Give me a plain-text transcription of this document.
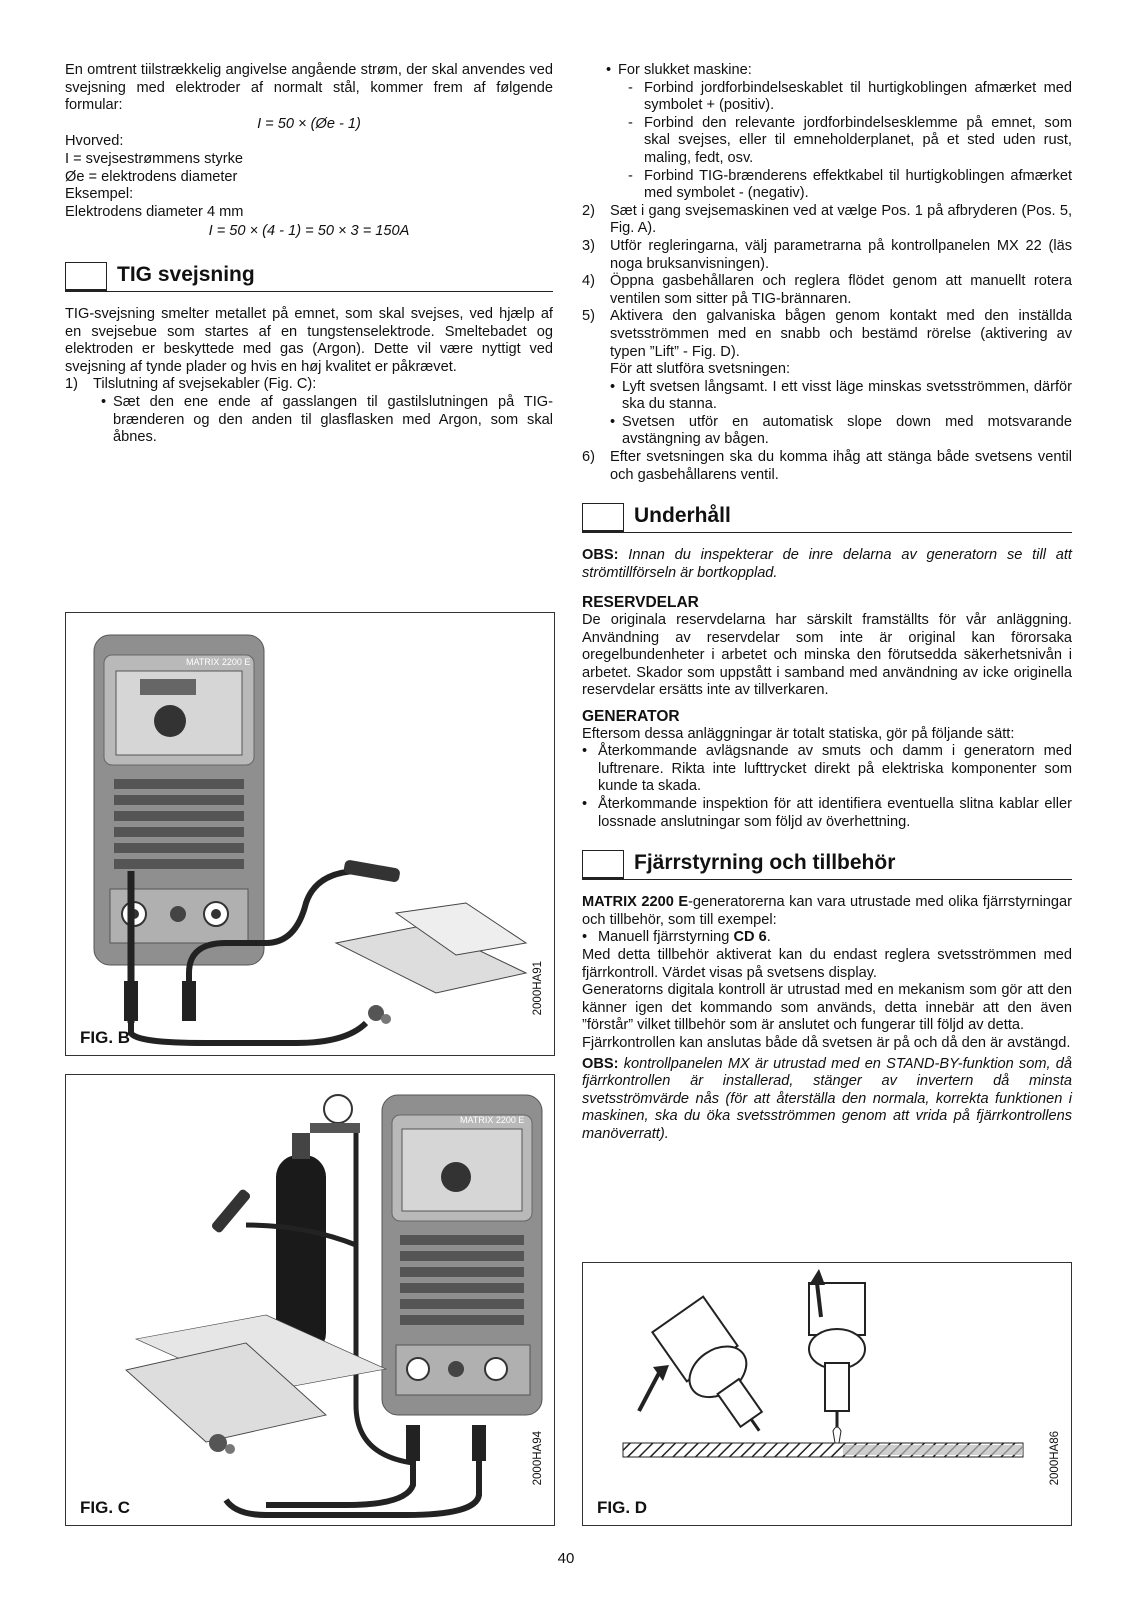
En omtrent tiilstrækkelig angivelse angående strøm, der skal anvendes ved svejsning med elektroder af normalt stål, kommer frem af følgende formular:

I = 50 × (Øe - 1)

Hvorved:

I = svejsestrømmens styrke

Øe = elektrodens diameter

Eksempel:

Elektrodens diameter 4 mm

I = 50 × (4 - 1) = 50 × 3 = 150A

TIG svejsning

TIG-svejsning smelter metallet på emnet, som skal svejses, ved hjælp af en svejsebue som startes af en tungstenselektrode. Smeltebadet og elektroden er beskyttede med gas (Argon). Dette vil være nyttigt ved svejsning af tynde plader og hvis en høj kvalitet er påkrævet.

1)	Tilslutning af svejsekabler (Fig. C):
• Sæt den ene ende af gasslangen til gastilslutningen på TIG-brænderen og den anden til glasflasken med Argon, som skal åbnes.
• For slukket maskine:
- Forbind jordforbindelseskablet til hurtigkoblingen afmærket med symbolet + (positiv).
- Forbind den relevante jordforbindelsesklemme på emnet, som skal svejses, eller til emneholderplanet, på et sted uden rust, maling, fedt, osv.
- Forbind TIG-brænderens effektkabel til hurtigkoblingen afmærket med symbolet - (negativ).
2)	Sæt i gang svejsemaskinen ved at vælge Pos. 1 på afbryderen (Pos. 5, Fig. A).
3)	Utför regleringarna, välj parametrarna på kontrollpanelen MX 22 (läs noga bruksanvisningen).
4)	Öppna gasbehållaren och reglera flödet genom att manuellt rotera ventilen som sitter på TIG-brännaren.
5)	Aktivera den galvaniska bågen genom kontakt med den inställda svetsströmmen med en snabb och bestämd rörelse (aktivering av typen ”Lift” - Fig. D).

För att slutföra svetsningen:

• Lyft svetsen långsamt. I ett visst läge minskas svetsströmmen, därför ska du stanna.
• Svetsen utför en automatisk slope down med motsvarande avstängning av bågen.
6)	Efter svetsningen ska du komma ihåg att stänga både svetsens ventil och gasbehållarens ventil.
Underhåll

OBS: Innan du inspekterar de inre delarna av generatorn se till att strömtillförseln är bortkopplad.

RESERVDELAR

De originala reservdelarna har särskilt framställts för vår anläggning. Användning av reservdelar som inte är original kan förorsaka oregelbundenheter i arbetet och minska den förutsedda säkerhetsnivån i arbetet. Skador som uppstått i samband med användning av icke originella reservdelar ersätts inte av tillverkaren.

GENERATOR

Eftersom dessa anläggningar är totalt statiska, gör på följande sätt:

• Återkommande avlägsnande av smuts och damm i generatorn med luftrenare. Rikta inte lufttrycket direkt på elektriska komponenter som kunde ta skada.
• Återkommande inspektion för att identifiera eventuella slitna kablar eller lossnade anslutningar som följd av överhettning.
Fjärrstyrning och tillbehör

MATRIX 2200 E-generatorerna kan vara utrustade med olika fjärrstyrningar och tillbehör, som till exempel:

• Manuell fjärrstyrning CD 6.

Med detta tillbehör aktiverat kan du endast reglera svetsströmmen med fjärrkontroll. Värdet visas på svetsens display.

Generatorns digitala kontroll är utrustad med en mekanism som gör att den känner igen det kommando som används, detta innebär att den även ”förstår” vilket tillbehör som är anslutet och fungerar till följd av detta.

Fjärrkontrollen kan anslutas både då svetsen är på och då den är avstängd.

OBS: kontrollpanelen MX är utrustad med en STAND-BY-funktion som, då fjärrkontrollen är installerad, stänger av invertern då minsta svetsströmvärde nås (för att återställa den normala, korrekta funktionen i maskinen, ska du öka svetsströmmen genom att vrida på fjärrkontrollens manöverratt).

MATRIX 2200 E
FIG. B
2000HA91
MATRIX 2200 E
FIG. C
2000HA94
FIG. D
2000HA86
40
